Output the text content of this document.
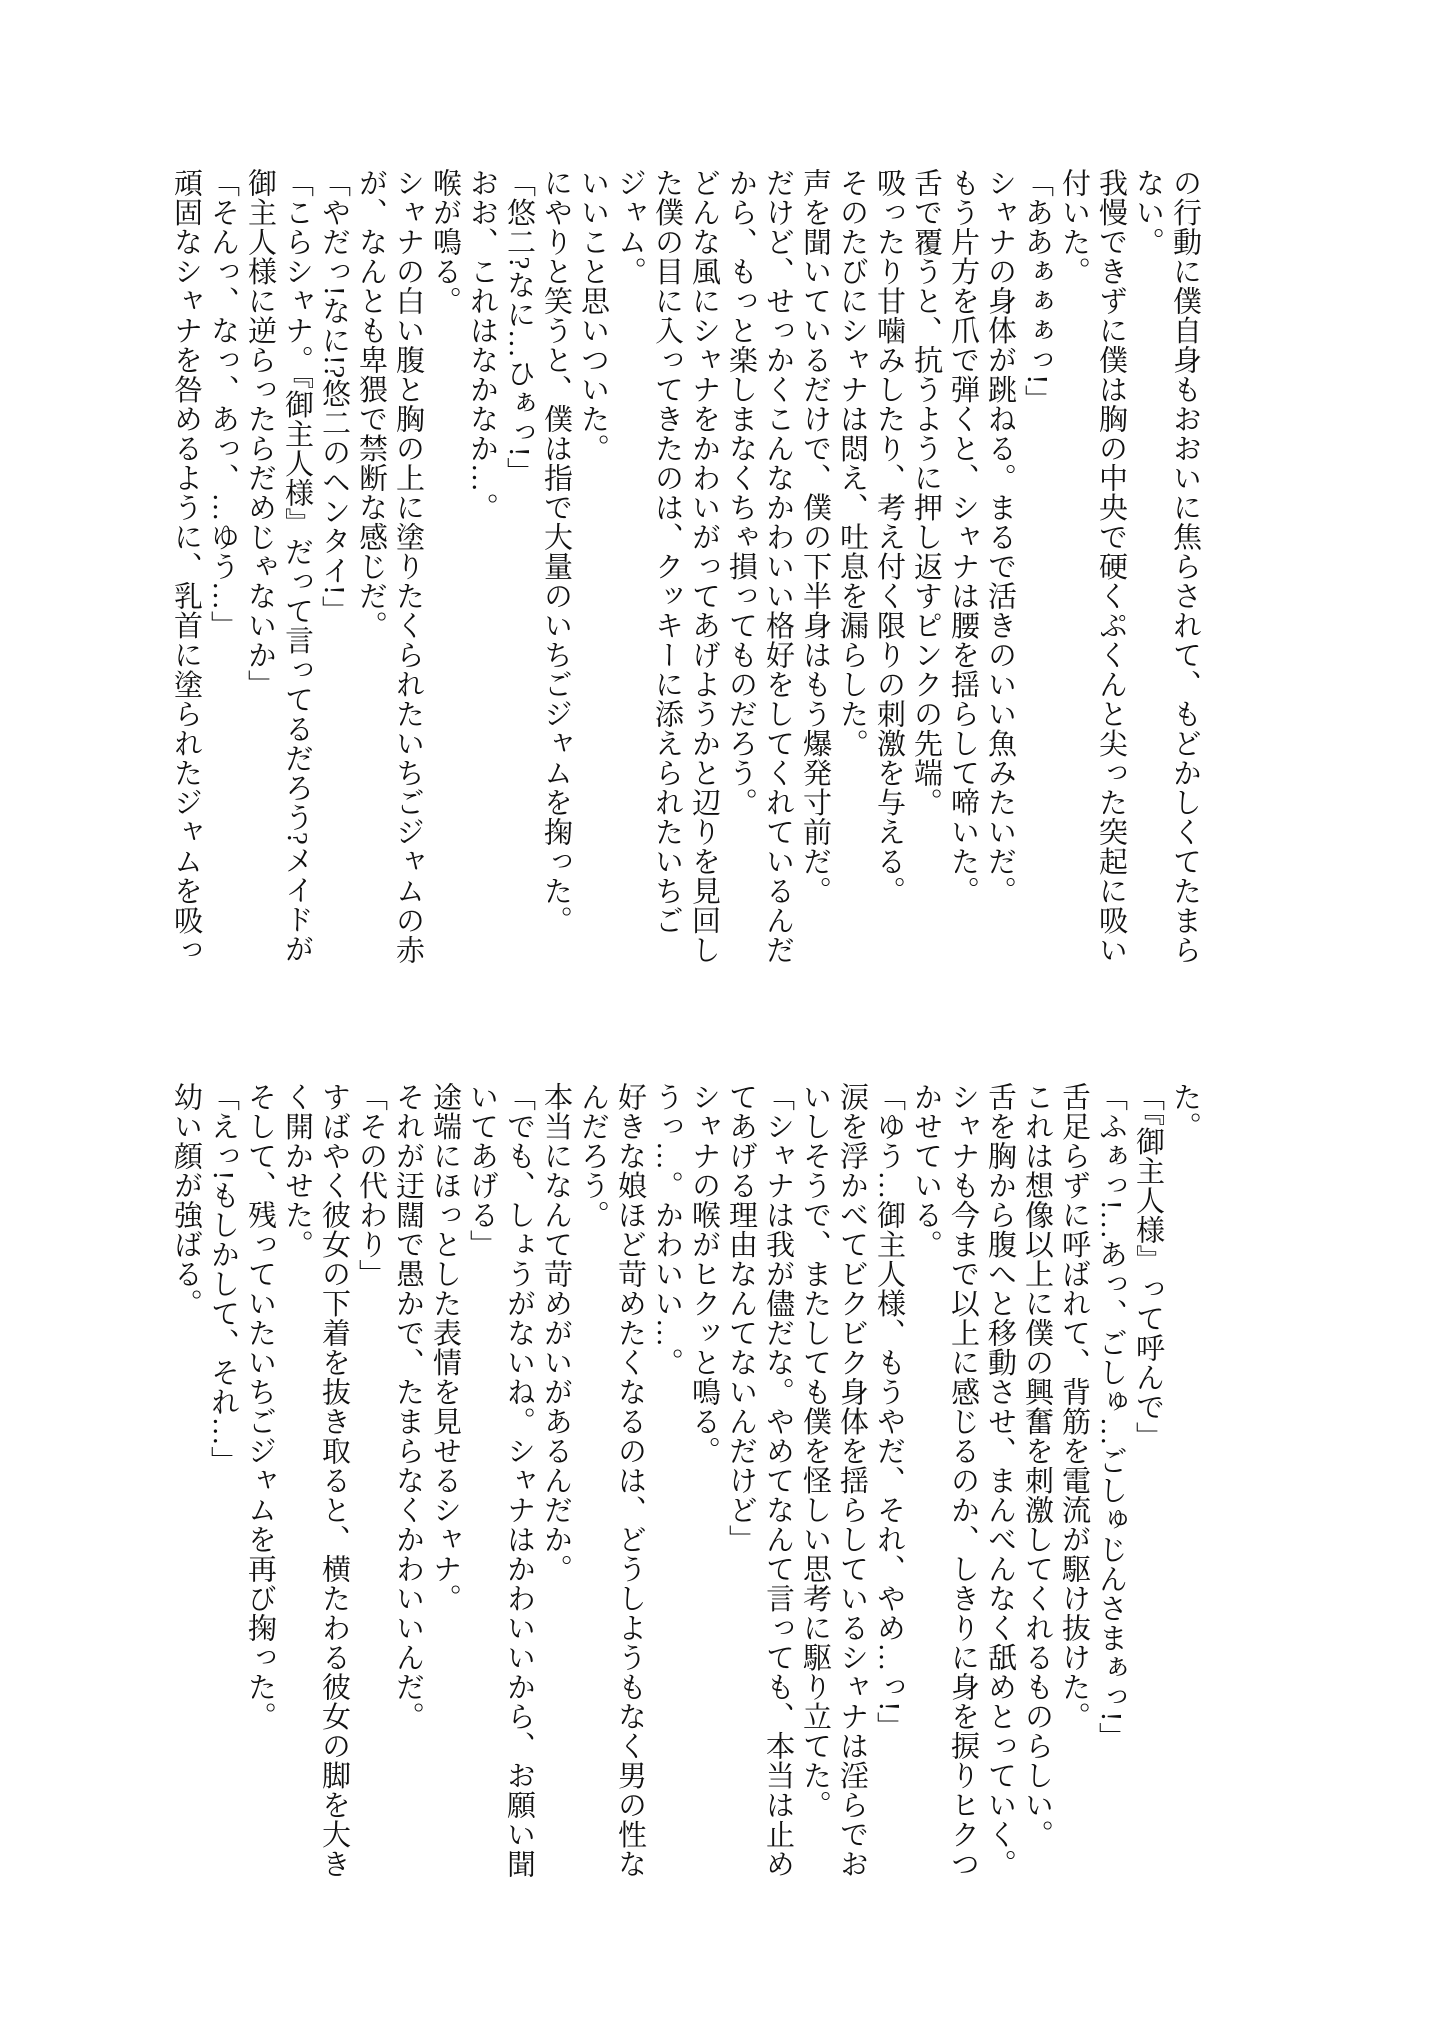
の行動に僕自身もおおいに焦らされて、もどかしくてたまらない。

我慢できずに僕は胸の中央で硬くぷくんと尖った突起に吸い付いた。

「ああぁぁぁっ!」

シャナの身体が跳ねる。まるで活きのいい魚みたいだ。

もう片方を爪で弾くと、シャナは腰を揺らして啼いた。

舌で覆うと、抗うように押し返すピンクの先端。

吸ったり甘噛みしたり、考え付く限りの刺激を与える。

そのたびにシャナは悶え、吐息を漏らした。

声を聞いているだけで、僕の下半身はもう爆発寸前だ。

だけど、せっかくこんなかわいい格好をしてくれているんだから、もっと楽しまなくちゃ損ってものだろう。

どんな風にシャナをかわいがってあげようかと辺りを見回した僕の目に入ってきたのは、クッキーに添えられたいちごジャム。

いいこと思いついた。

にやりと笑うと、僕は指で大量のいちごジャムを掬った。

「悠二?なに…ひぁっ!」

おお、これはなかなか…。

喉が鳴る。

シャナの白い腹と胸の上に塗りたくられたいちごジャムの赤が、なんとも卑猥で禁断な感じだ。

「やだっ!なに!?悠二のヘンタイ!」

「こらシャナ。『御主人様』だって言ってるだろう?メイドが御主人様に逆らったらだめじゃないか」

「そんっ、なっ、あっ、…ゆう…」

頑固なシャナを咎めるように、乳首に塗られたジャムを吸っ

た。

「『御主人様』って呼んで」

「ふぁっ!…あっ、ごしゅ…ごしゅじんさまぁっ!」

舌足らずに呼ばれて、背筋を電流が駆け抜けた。

これは想像以上に僕の興奮を刺激してくれるものらしい。

舌を胸から腹へと移動させ、まんべんなく舐めとっていく。

シャナも今まで以上に感じるのか、しきりに身を捩りヒクつかせている。

「ゆう…御主人様、もうやだ、それ、やめ…っ!」

涙を浮かべてビクビク身体を揺らしているシャナは淫らでおいしそうで、またしても僕を怪しい思考に駆り立てた。

「シャナは我が儘だな。やめてなんて言っても、本当は止めてあげる理由なんてないんだけど」

シャナの喉がヒクッと鳴る。

うっ…。かわいい…。

好きな娘ほど苛めたくなるのは、どうしようもなく男の性なんだろう。

本当になんて苛めがいがあるんだか。

「でも、しょうがないね。シャナはかわいいから、お願い聞いてあげる」

途端にほっとした表情を見せるシャナ。

それが迂闊で愚かで、たまらなくかわいいんだ。

「その代わり」

すばやく彼女の下着を抜き取ると、横たわる彼女の脚を大きく開かせた。

そして、残っていたいちごジャムを再び掬った。

「えっ!もしかして、それ…」

幼い顔が強ばる。
